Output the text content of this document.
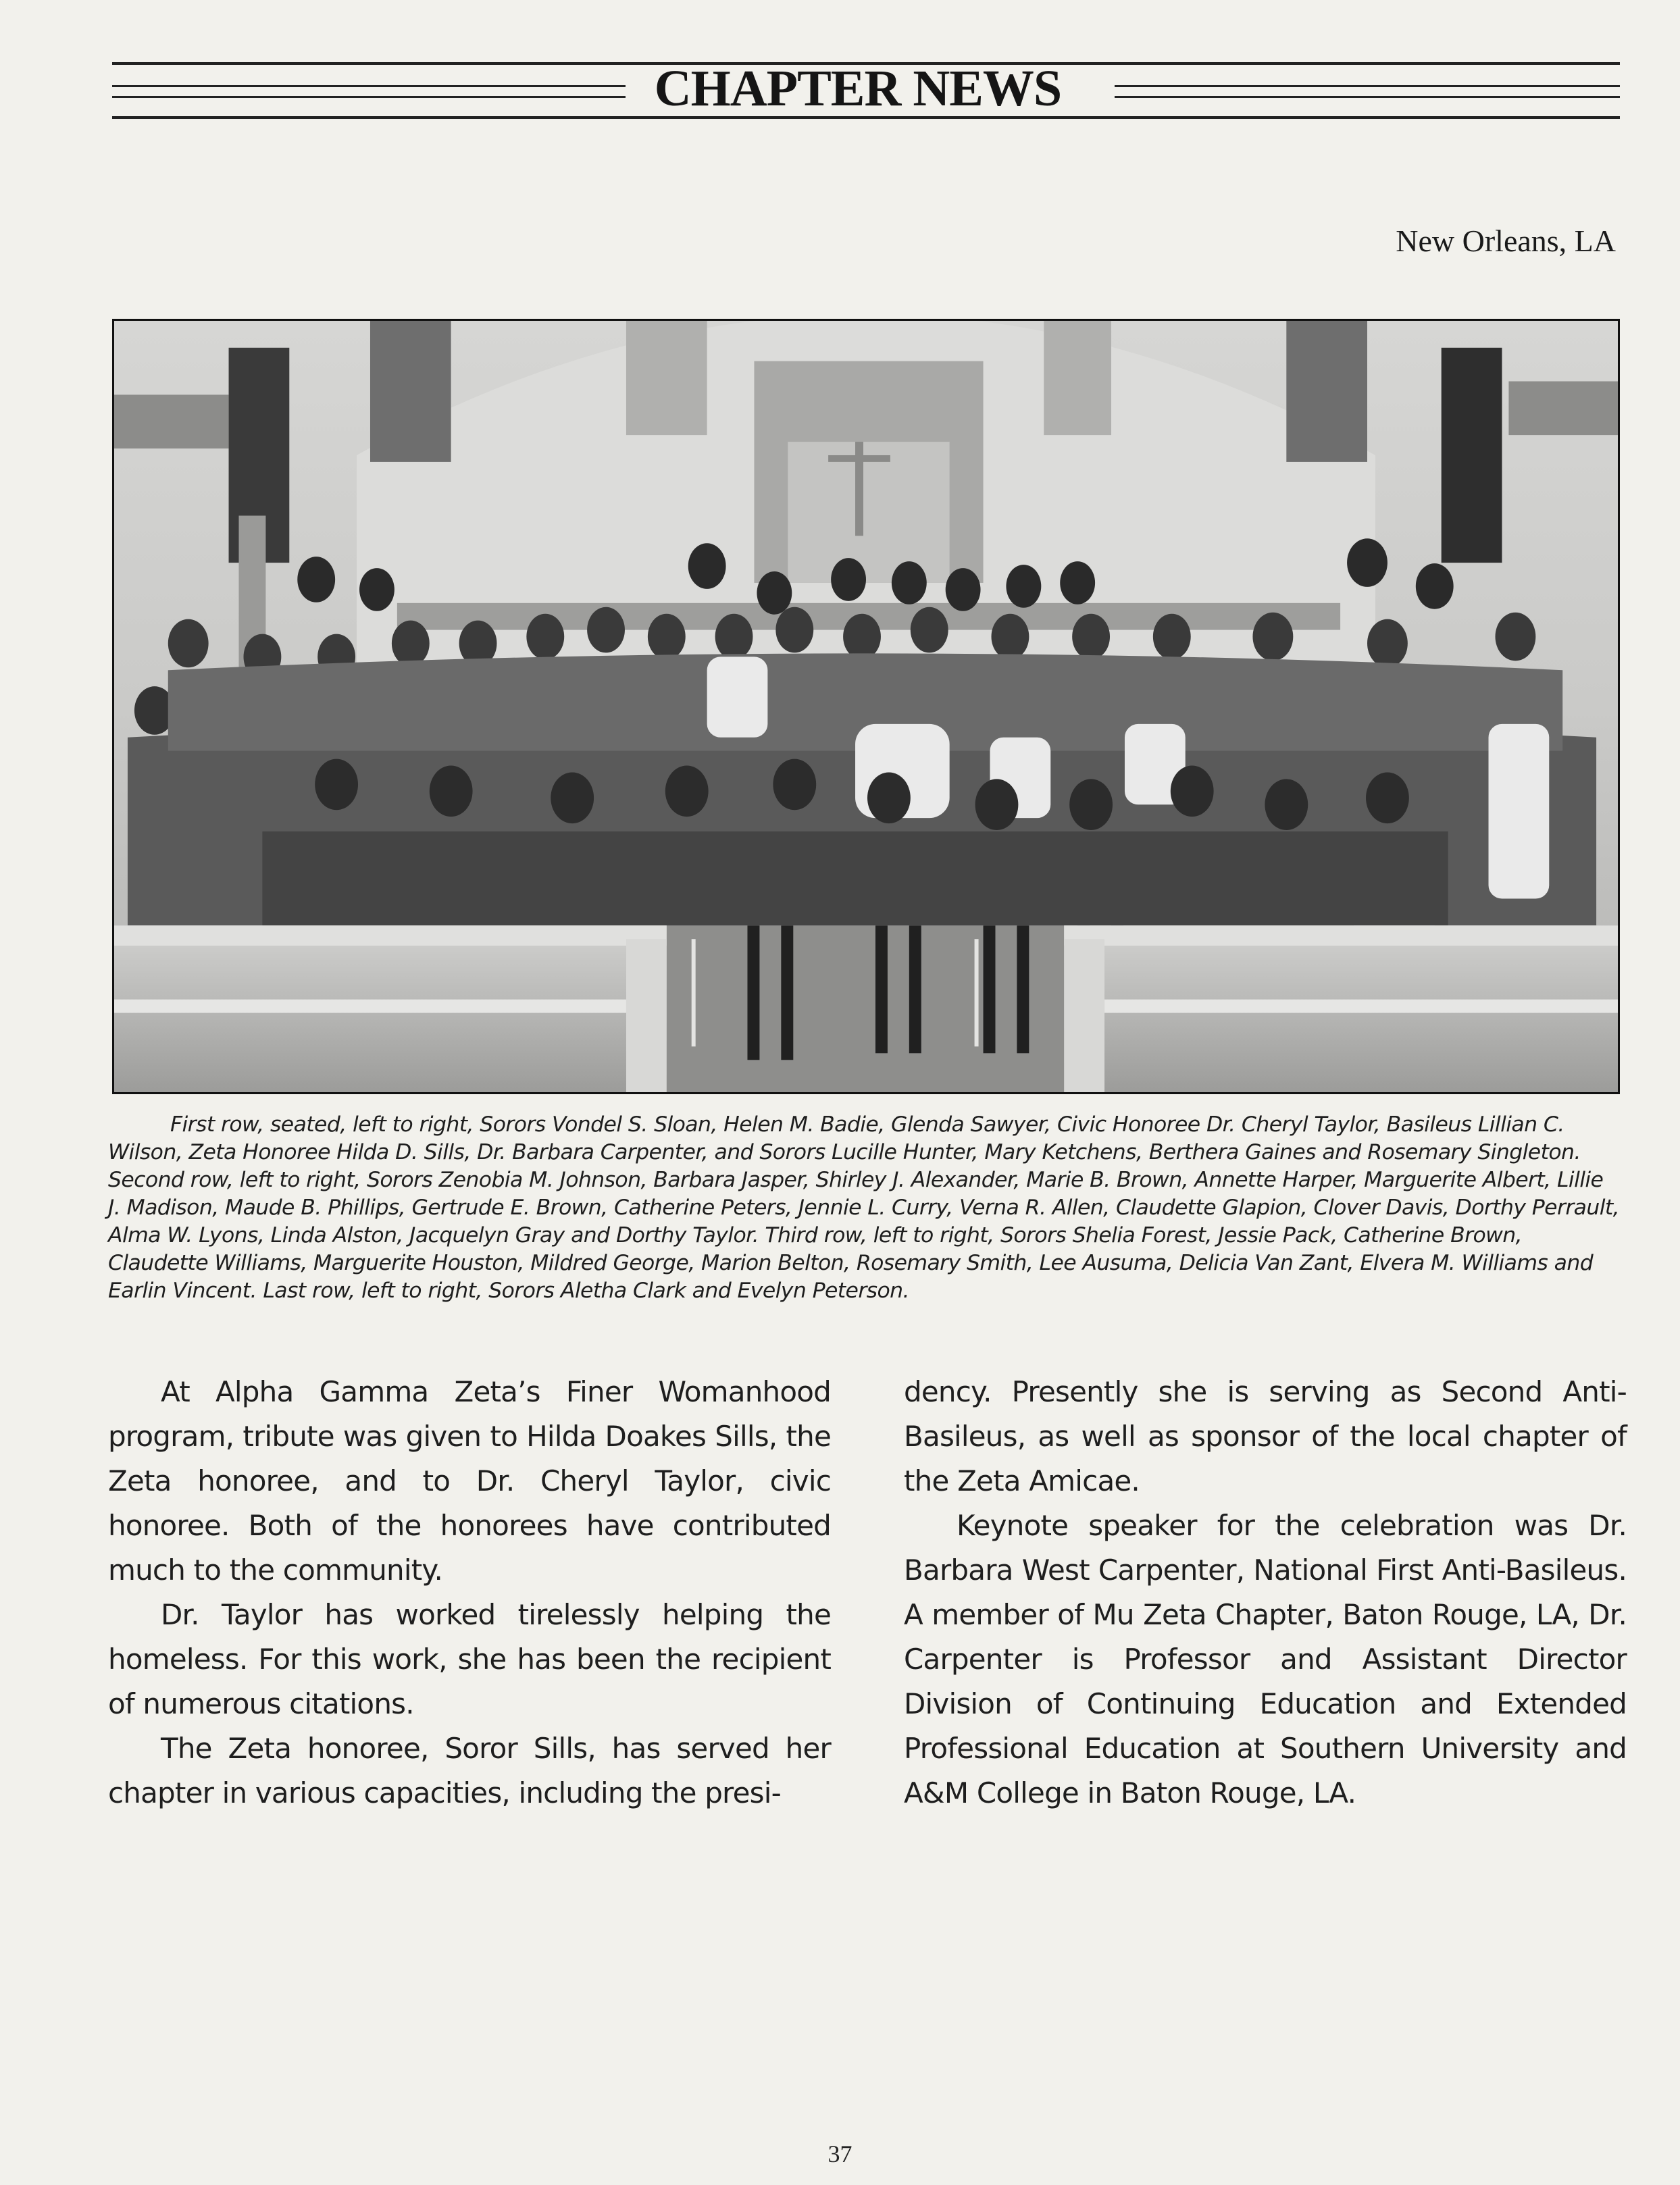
CHAPTER NEWS
New Orleans, LA
First row, seated, left to right, Sorors Vondel S. Sloan, Helen M. Badie, Glenda Sawyer, Civic Honoree Dr. Cheryl Taylor, Basileus Lillian C. Wilson, Zeta Honoree Hilda D. Sills, Dr. Barbara Carpenter, and Sorors Lucille Hunter, Mary Ketchens, Berthera Gaines and Rosemary Singleton. Second row, left to right, Sorors Zenobia M. Johnson, Barbara Jasper, Shirley J. Alexander, Marie B. Brown, Annette Harper, Marguerite Albert, Lillie J. Madison, Maude B. Phillips, Gertrude E. Brown, Catherine Peters, Jennie L. Curry, Verna R. Allen, Claudette Glapion, Clover Davis, Dorthy Perrault, Alma W. Lyons, Linda Alston, Jacquelyn Gray and Dorthy Taylor. Third row, left to right, Sorors Shelia Forest, Jessie Pack, Catherine Brown, Claudette Williams, Marguerite Houston, Mildred George, Marion Belton, Rosemary Smith, Lee Ausuma, Delicia Van Zant, Elvera M. Williams and Earlin Vincent. Last row, left to right, Sorors Aletha Clark and Evelyn Peterson.

At Alpha Gamma Zeta’s Finer Womanhood program, tribute was given to Hilda Doakes Sills, the Zeta honoree, and to Dr. Cheryl Taylor, civic honoree. Both of the honorees have contributed much to the community.

Dr. Taylor has worked tirelessly helping the homeless. For this work, she has been the recipient of numerous citations.

The Zeta honoree, Soror Sills, has served her chapter in various capacities, including the presi-

dency. Presently she is serving as Second Anti-Basileus, as well as sponsor of the local chapter of the Zeta Amicae.

Keynote speaker for the celebration was Dr. Barbara West Carpenter, National First Anti-Basileus. A member of Mu Zeta Chapter, Baton Rouge, LA, Dr. Carpenter is Professor and Assistant Director Division of Continuing Education and Extended Professional Education at Southern University and A&M College in Baton Rouge, LA.

37
